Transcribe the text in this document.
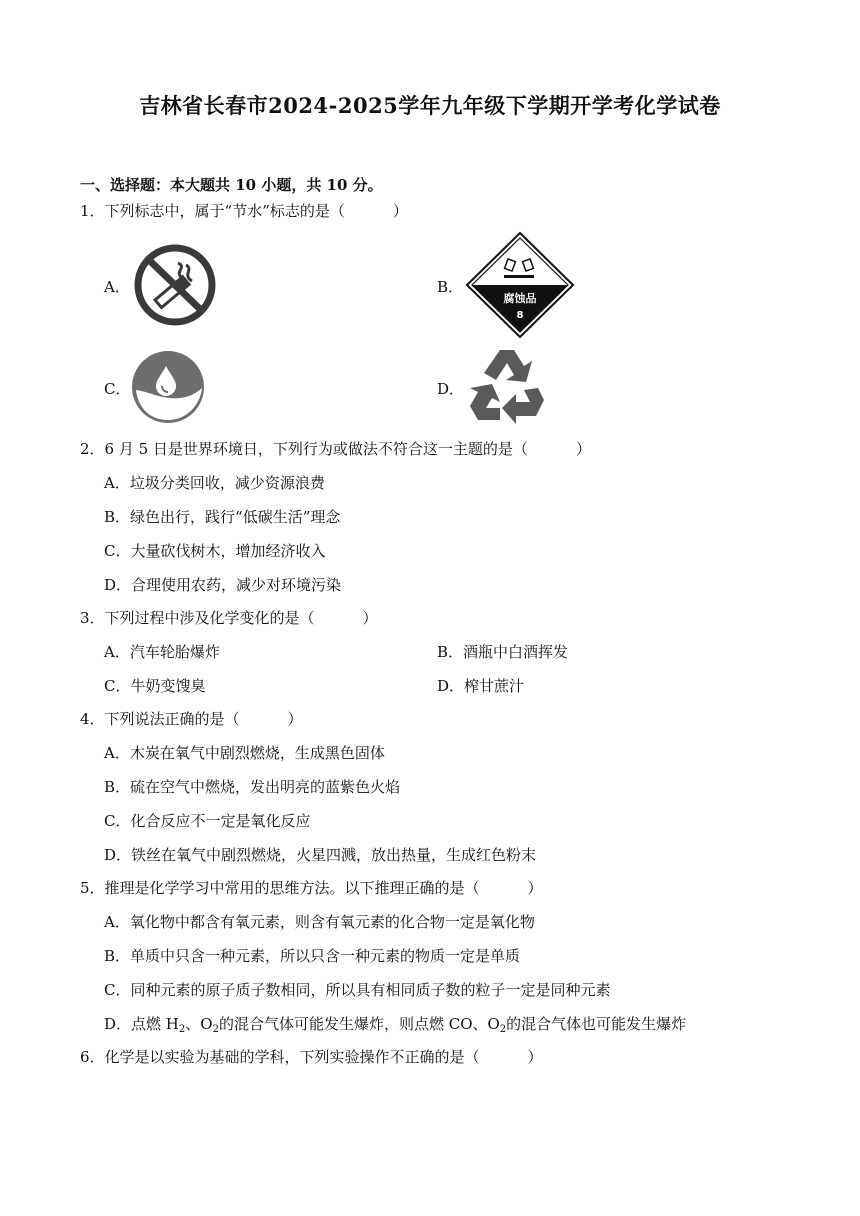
吉林省长春市2024-2025学年九年级下学期开学考化学试卷
一、选择题：本大题共 10 小题，共 10 分。
1．下列标志中，属于“节水”标志的是（	）
A．	B．
腐蚀品
8
C．	D．
2．6 月 5 日是世界环境日，下列行为或做法不符合这一主题的是（	）
A．垃圾分类回收，减少资源浪费
B．绿色出行，践行“低碳生活”理念
C．大量砍伐树木，增加经济收入
D．合理使用农药，减少对环境污染
3．下列过程中涉及化学变化的是（	）
A．汽车轮胎爆炸	B．酒瓶中白酒挥发
C．牛奶变馊臭	D．榨甘蔗汁
4．下列说法正确的是（	）
A．木炭在氧气中剧烈燃烧，生成黑色固体
B．硫在空气中燃烧，发出明亮的蓝紫色火焰
C．化合反应不一定是氧化反应
D．铁丝在氧气中剧烈燃烧，火星四溅，放出热量，生成红色粉末
5．推理是化学学习中常用的思维方法。以下推理正确的是（	）
A．氧化物中都含有氧元素，则含有氧元素的化合物一定是氧化物
B．单质中只含一种元素，所以只含一种元素的物质一定是单质
C．同种元素的原子质子数相同，所以具有相同质子数的粒子一定是同种元素
D．点燃 $H_2$、$O_2$的混合气体可能发生爆炸，则点燃 CO、$O_2$的混合气体也可能发生爆炸
6．化学是以实验为基础的学科，下列实验操作不正确的是（	）
